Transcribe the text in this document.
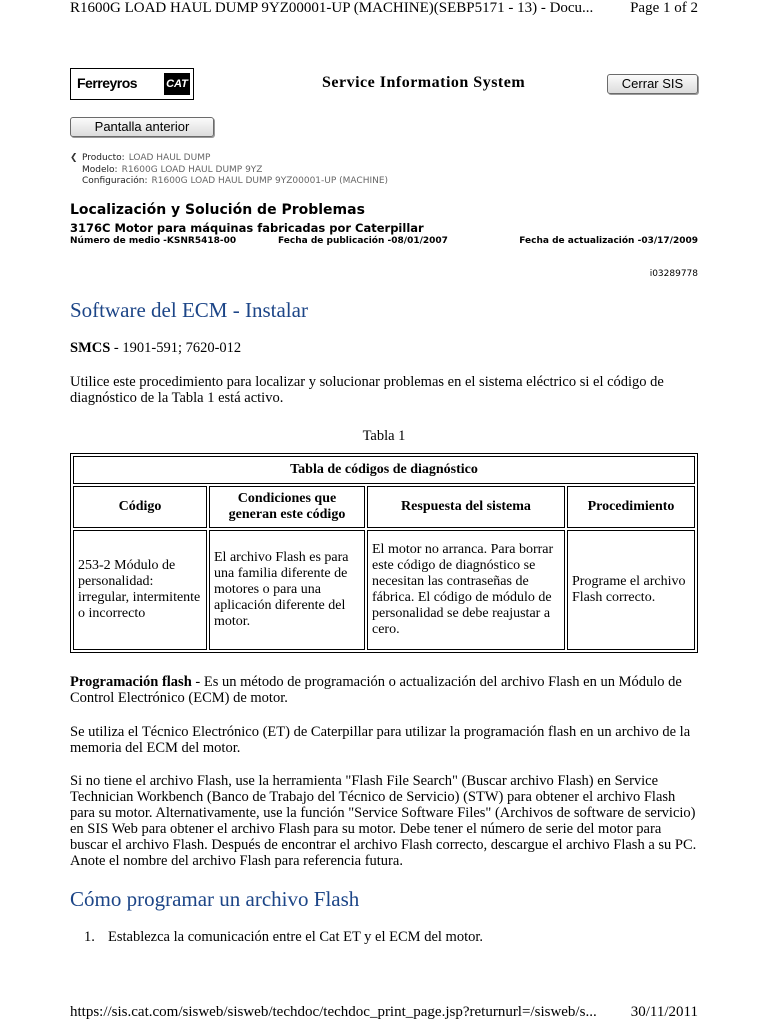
R1600G LOAD HAUL DUMP 9YZ00001-UP (MACHINE)(SEBP5171 - 13) - Docu... Page 1 of 2
Ferreyros	CAT	Service Information System	Cerrar SIS
Pantalla anterior
❮ Producto: LOAD HAUL DUMP
Modelo: R1600G LOAD HAUL DUMP 9YZ
Configuración: R1600G LOAD HAUL DUMP 9YZ00001-UP (MACHINE)
Localización y Solución de Problemas
3176C Motor para máquinas fabricadas por Caterpillar
Número de medio -KSNR5418-00	Fecha de publicación -08/01/2007	Fecha de actualización -03/17/2009
i03289778
Software del ECM - Instalar
SMCS - 1901-591; 7620-012
Utilice este procedimiento para localizar y solucionar problemas en el sistema eléctrico si el código de diagnóstico de la Tabla 1 está activo.
Tabla 1
Tabla de códigos de diagnóstico			
Código	Condiciones que generan este código	Respuesta del sistema	Procedimiento
253-2 Módulo de personalidad: irregular, intermitente o incorrecto	El archivo Flash es para una familia diferente de motores o para una aplicación diferente del motor.	El motor no arranca. Para borrar este código de diagnóstico se necesitan las contraseñas de fábrica. El código de módulo de personalidad se debe reajustar a cero.	Programe el archivo Flash correcto.
Programación flash - Es un método de programación o actualización del archivo Flash en un Módulo de Control Electrónico (ECM) de motor.
Se utiliza el Técnico Electrónico (ET) de Caterpillar para utilizar la programación flash en un archivo de la memoria del ECM del motor.
Si no tiene el archivo Flash, use la herramienta "Flash File Search" (Buscar archivo Flash) en Service Technician Workbench (Banco de Trabajo del Técnico de Servicio) (STW) para obtener el archivo Flash para su motor. Alternativamente, use la función "Service Software Files" (Archivos de software de servicio) en SIS Web para obtener el archivo Flash para su motor. Debe tener el número de serie del motor para buscar el archivo Flash. Después de encontrar el archivo Flash correcto, descargue el archivo Flash a su PC. Anote el nombre del archivo Flash para referencia futura.
Cómo programar un archivo Flash
1. Establezca la comunicación entre el Cat ET y el ECM del motor.
https://sis.cat.com/sisweb/sisweb/techdoc/techdoc_print_page.jsp?returnurl=/sisweb/s... 30/11/2011
